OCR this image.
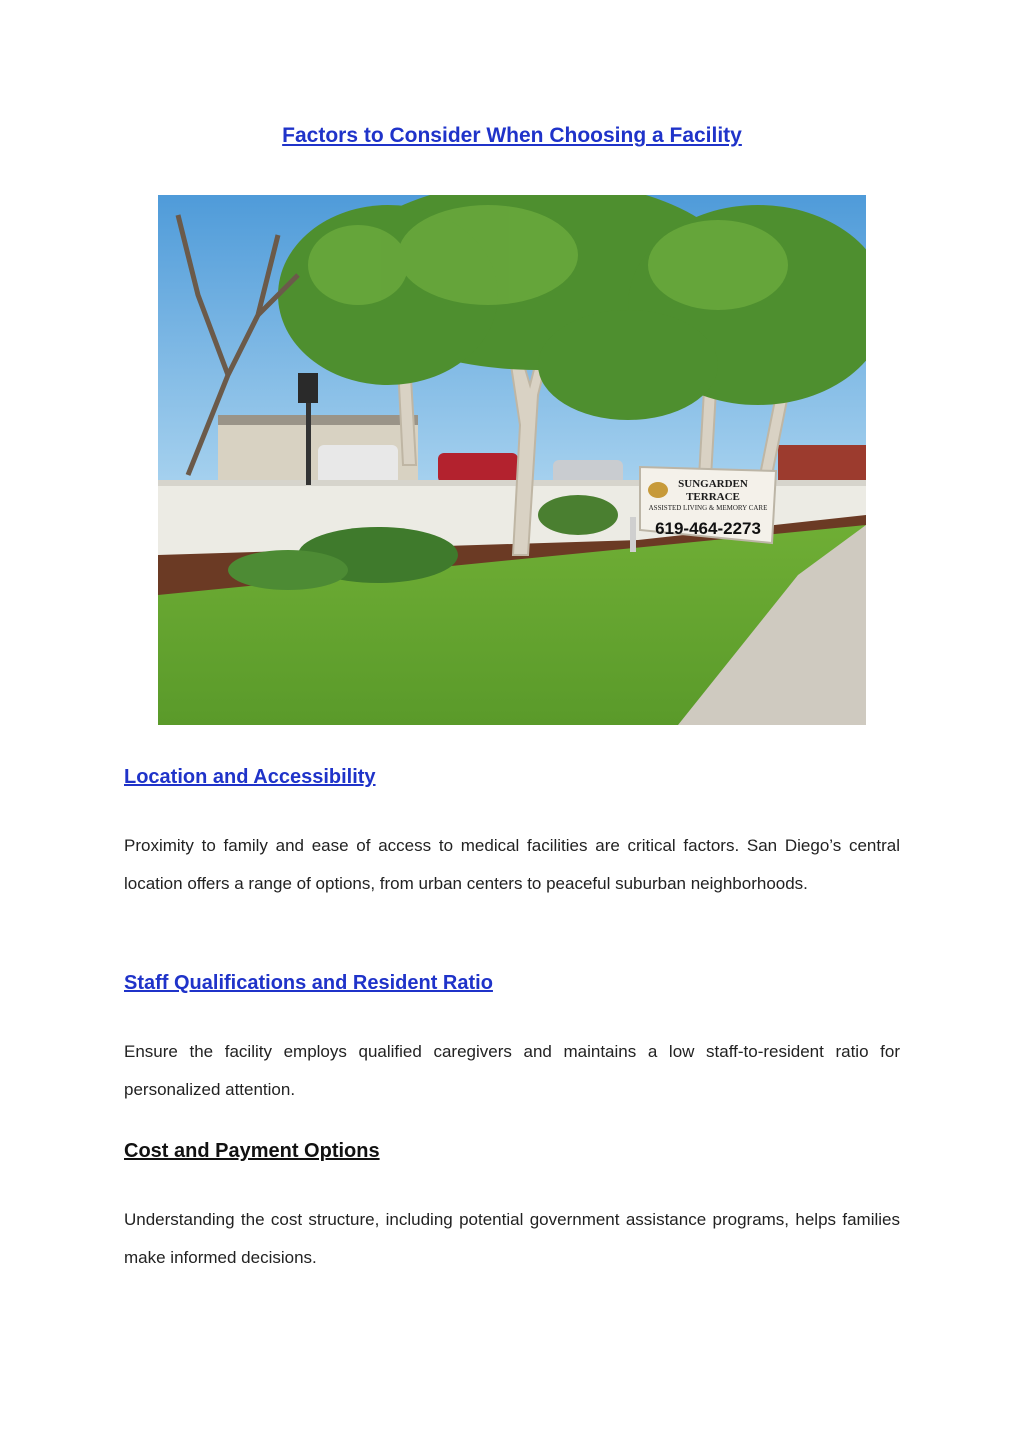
Factors to Consider When Choosing a Facility
SUNGARDEN
TERRACE
ASSISTED LIVING & MEMORY CARE
619-464-2273
Location and Accessibility

Proximity to family and ease of access to medical facilities are critical factors. San Diego’s central location offers a range of options, from urban centers to peaceful suburban neighborhoods.

Staff Qualifications and Resident Ratio

Ensure the facility employs qualified caregivers and maintains a low staff-to-resident ratio for personalized attention.

Cost and Payment Options

Understanding the cost structure, including potential government assistance programs, helps families make informed decisions.
